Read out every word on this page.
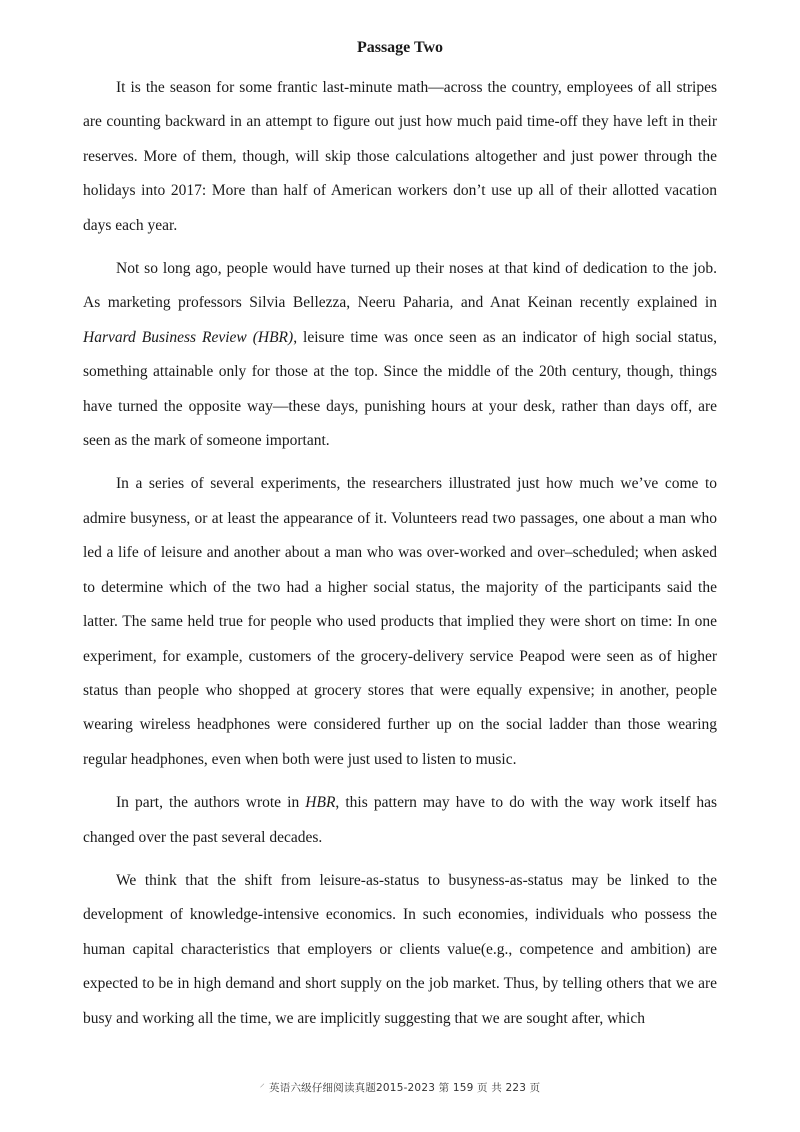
Passage Two

It is the season for some frantic last-minute math—across the country, employees of all stripes are counting backward in an attempt to figure out just how much paid time-off they have left in their reserves. More of them, though, will skip those calculations altogether and just power through the holidays into 2017: More than half of American workers don’t use up all of their allotted vacation days each year.

Not so long ago, people would have turned up their noses at that kind of dedication to the job. As marketing professors Silvia Bellezza, Neeru Paharia, and Anat Keinan recently explained in Harvard Business Review (HBR), leisure time was once seen as an indicator of high social status, something attainable only for those at the top. Since the middle of the 20th century, though, things have turned the opposite way—these days, punishing hours at your desk, rather than days off, are seen as the mark of someone important.

In a series of several experiments, the researchers illustrated just how much we’ve come to admire busyness, or at least the appearance of it. Volunteers read two passages, one about a man who led a life of leisure and another about a man who was over-worked and over–scheduled; when asked to determine which of the two had a higher social status, the majority of the participants said the latter. The same held true for people who used products that implied they were short on time: In one experiment, for example, customers of the grocery-delivery service Peapod were seen as of higher status than people who shopped at grocery stores that were equally expensive; in another, people wearing wireless headphones were considered further up on the social ladder than those wearing regular headphones, even when both were just used to listen to music.

In part, the authors wrote in HBR, this pattern may have to do with the way work itself has changed over the past several decades.

We think that the shift from leisure-as-status to busyness-as-status may be linked to the development of knowledge-intensive economics. In such economies, individuals who possess the human capital characteristics that employers or clients value(e.g., competence and ambition) are expected to be in high demand and short supply on the job market. Thus, by telling others that we are busy and working all the time, we are implicitly suggesting that we are sought after, which

⸍ 英语六级仔细阅读真题2015-2023 第 159 页 共 223 页
